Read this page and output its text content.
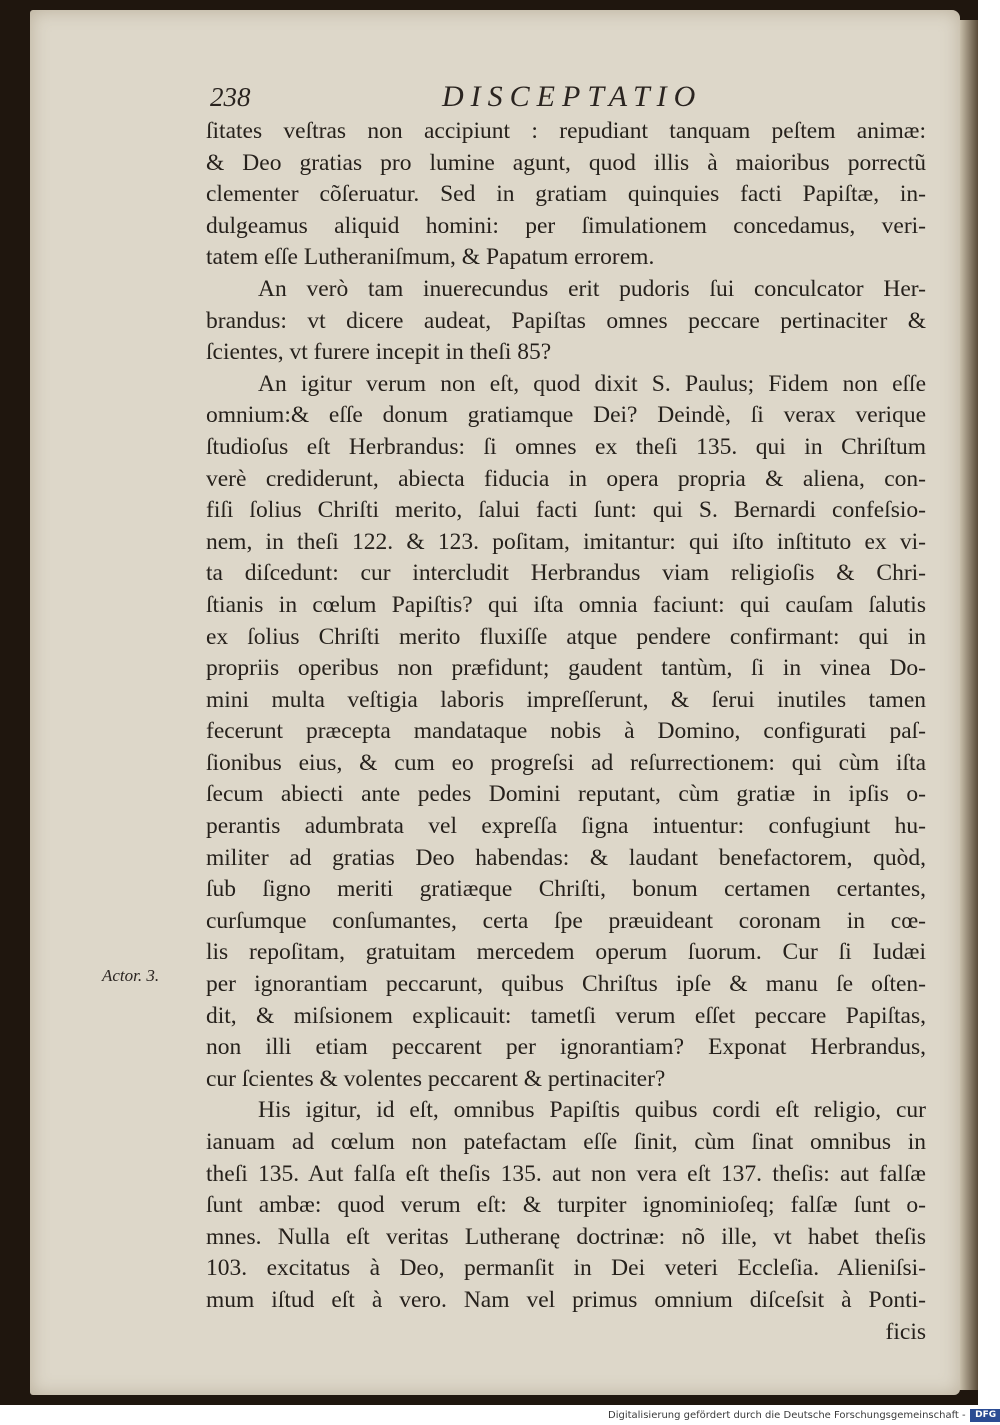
238	DISCEPTATIO
Actor. 3.
ſitates veſtras non accipiunt : repudiant tanquam peſtem animæ:
& Deo gratias pro lumine agunt, quod illis à maioribus porrectũ
clementer cõſeruatur. Sed in gratiam quinquies facti Papiſtæ, in-
dulgeamus aliquid homini: per ſimulationem concedamus, veri-
tatem eſſe Lutheraniſmum, & Papatum errorem.
An verò tam inuerecundus erit pudoris ſui conculcator Her-
brandus: vt dicere audeat, Papiſtas omnes peccare pertinaciter &
ſcientes, vt furere incepit in theſi 85?
An igitur verum non eſt, quod dixit S. Paulus; Fidem non eſſe
omnium:& eſſe donum gratiamque Dei? Deindè, ſi verax verique
ſtudioſus eſt Herbrandus: ſi omnes ex theſi 135. qui in Chriſtum
verè crediderunt, abiecta fiducia in opera propria & aliena, con-
fiſi ſolius Chriſti merito, ſalui facti ſunt: qui S. Bernardi confeſsio-
nem, in theſi 122. & 123. poſitam, imitantur: qui iſto inſtituto ex vi-
ta diſcedunt: cur intercludit Herbrandus viam religioſis & Chri-
ſtianis in cœlum Papiſtis? qui iſta omnia faciunt: qui cauſam ſalutis
ex ſolius Chriſti merito fluxiſſe atque pendere confirmant: qui in
propriis operibus non præfidunt; gaudent tantùm, ſi in vinea Do-
mini multa veſtigia laboris impreſſerunt, & ſerui inutiles tamen
fecerunt præcepta mandataque nobis à Domino, configurati paſ-
ſionibus eius, & cum eo progreſsi ad reſurrectionem: qui cùm iſta
ſecum abiecti ante pedes Domini reputant, cùm gratiæ in ipſis o-
perantis adumbrata vel expreſſa ſigna intuentur: confugiunt hu-
militer ad gratias Deo habendas: & laudant benefactorem, quòd,
ſub ſigno meriti gratiæque Chriſti, bonum certamen certantes,
curſumque conſumantes, certa ſpe præuideant coronam in cœ-
lis repoſitam, gratuitam mercedem operum ſuorum. Cur ſi Iudæi
per ignorantiam peccarunt, quibus Chriſtus ipſe & manu ſe oſten-
dit, & miſsionem explicauit: tametſi verum eſſet peccare Papiſtas,
non illi etiam peccarent per ignorantiam? Exponat Herbrandus,
cur ſcientes & volentes peccarent & pertinaciter?
His igitur, id eſt, omnibus Papiſtis quibus cordi eſt religio, cur
ianuam ad cœlum non patefactam eſſe ſinit, cùm ſinat omnibus in
theſi 135. Aut falſa eſt theſis 135. aut non vera eſt 137. theſis: aut falſæ
ſunt ambæ: quod verum eſt: & turpiter ignominioſeq; falſæ ſunt o-
mnes. Nulla eſt veritas Lutheranę doctrinæ: nõ ille, vt habet theſis
103. excitatus à Deo, permanſit in Dei veteri Eccleſia. Alieniſsi-
mum iſtud eſt à vero. Nam vel primus omnium diſceſsit à Ponti-
ficis
Digitalisierung gefördert durch die Deutsche Forschungsgemeinschaft -	DFG
